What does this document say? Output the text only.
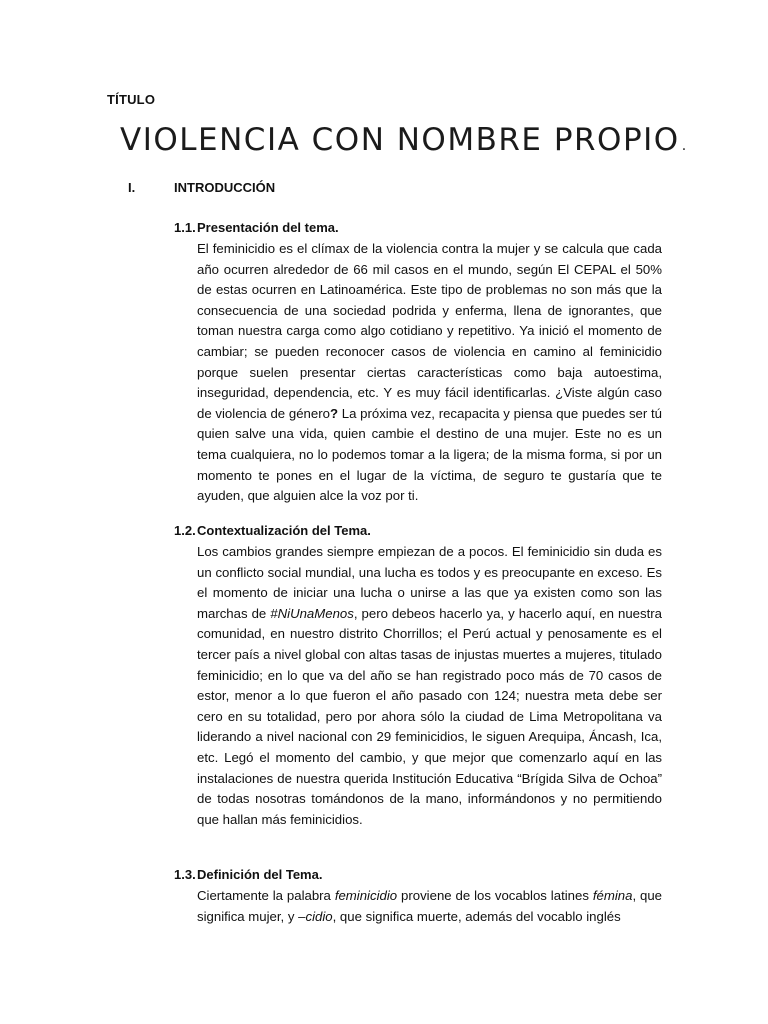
TÍTULO
VIOLENCIA CON NOMBRE PROPIO .
I.	INTRODUCCIÓN
1.1.Presentación del tema.

El feminicidio es el clímax de la violencia contra la mujer y se calcula que cada año ocurren alrededor de 66 mil casos en el mundo, según El CEPAL el 50% de estas ocurren en Latinoamérica. Este tipo de problemas no son más que la consecuencia de una sociedad podrida y enferma, llena de ignorantes, que toman nuestra carga como algo cotidiano y repetitivo. Ya inició el momento de cambiar; se pueden reconocer casos de violencia en camino al feminicidio porque suelen presentar ciertas características como baja autoestima, inseguridad, dependencia, etc. Y es muy fácil identificarlas. ¿Viste algún caso de violencia de género? La próxima vez, recapacita y piensa que puedes ser tú quien salve una vida, quien cambie el destino de una mujer. Este no es un tema cualquiera, no lo podemos tomar a la ligera; de la misma forma, si por un momento te pones en el lugar de la víctima, de seguro te gustaría que te ayuden, que alguien alce la voz por ti.

1.2.Contextualización del Tema.

Los cambios grandes siempre empiezan de a pocos. El feminicidio sin duda es un conflicto social mundial, una lucha es todos y es preocupante en exceso. Es el momento de iniciar una lucha o unirse a las que ya existen como son las marchas de #NiUnaMenos, pero debeos hacerlo ya, y hacerlo aquí, en nuestra comunidad, en nuestro distrito Chorrillos; el Perú actual y penosamente es el tercer país a nivel global con altas tasas de injustas muertes a mujeres, titulado feminicidio; en lo que va del año se han registrado poco más de 70 casos de estor, menor a lo que fueron el año pasado con 124; nuestra meta debe ser cero en su totalidad, pero por ahora sólo la ciudad de Lima Metropolitana va liderando a nivel nacional con 29 feminicidios, le siguen Arequipa, Áncash, Ica, etc. Legó el momento del cambio, y que mejor que comenzarlo aquí en las instalaciones de nuestra querida Institución Educativa “Brígida Silva de Ochoa” de todas nosotras tomándonos de la mano, informándonos y no permitiendo que hallan más feminicidios.

1.3.Definición del Tema.

Ciertamente la palabra feminicidio proviene de los vocablos latines fémina, que significa mujer, y –cidio, que significa muerte, además del vocablo inglés
